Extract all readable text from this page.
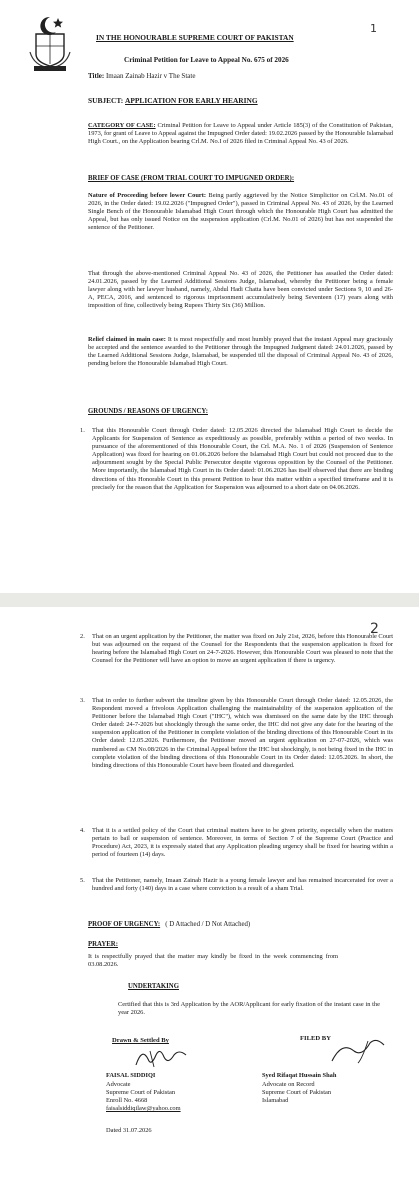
1
IN THE HONOURABLE SUPREME COURT OF PAKISTAN
Criminal Petition for Leave to Appeal No. 675 of 2026
Title: Imaan Zainab Hazir v The State
SUBJECT: APPLICATION FOR EARLY HEARING
CATEGORY OF CASE: Criminal Petition for Leave to Appeal under Article 185(3) of the Constitution of Pakistan, 1973, for grant of Leave to Appeal against the Impugned Order dated: 19.02.2026 passed by the Honourable Islamabad High Court., on the Application bearing Crl.M. No.I of 2026 filed in Criminal Appeal No. 43 of 2026.
BRIEF OF CASE (FROM TRIAL COURT TO IMPUGNED ORDER):
Nature of Proceeding before lower Court: Being partly aggrieved by the Notice Simplicitor on Crl.M. No.01 of 2026, in the Order dated: 19.02.2026 ("Impugned Order"), passed in Criminal Appeal No. 43 of 2026, by the Learned Single Bench of the Honourable Islamabad High Court through which the Honourable High Court has admitted the Appeal, but has only issued Notice on the suspension application (Crl.M. No.01 of 2026) but has not suspended the sentence of the Petitioner.
That through the above-mentioned Criminal Appeal No. 43 of 2026, the Petitioner has assailed the Order dated: 24.01.2026, passed by the Learned Additional Sessions Judge, Islamabad, whereby the Petitioner being a female lawyer along with her lawyer husband, namely, Abdul Hadi Chatta have been convicted under Sections 9, 10 and 26-A, PECA, 2016, and sentenced to rigorous imprisonment accumulatively being Seventeen (17) years along with imposition of fine, collectively being Rupees Thirty Six (36) Million.
Relief claimed in main case: It is most respectfully and most humbly prayed that the instant Appeal may graciously be accepted and the sentence awarded to the Petitioner through the Impugned Judgment dated: 24.01.2026, passed by the Learned Additional Sessions Judge, Islamabad, be suspended till the disposal of Criminal Appeal No. 43 of 2026, pending before the Honourable Islamabad High Court.
GROUNDS / REASONS OF URGENCY:
1. That this Honourable Court through Order dated: 12.05.2026 directed the Islamabad High Court to decide the Applicants for Suspension of Sentence as expeditiously as possible, preferably within a period of two weeks. In pursuance of the aforementioned of this Honourable Court, the Crl. M.A. No. 1 of 2026 (Suspension of Sentence Application) was fixed for hearing on 01.06.2026 before the Islamabad High Court but could not proceed due to the adjournment sought by the Special Public Persecutor despite vigorous opposition by the Counsel of the Petitioner. More importantly, the Islamabad High Court in its Order dated: 01.06.2026 has itself observed that there are binding directions of this Honorable Court in this present Petition to hear this matter within a specified timeframe and it is precisely for the reason that the Application for Suspension was adjourned to a short date on 04.06.2026.
2
2. That on an urgent application by the Petitioner, the matter was fixed on July 21st, 2026, before this Honourable Court but was adjourned on the request of the Counsel for the Respondents that the suspension application is fixed for hearing before the Islamabad High Court on 24-7-2026. However, this Honourable Court was pleased to note that the Counsel for the Petitioner will have an option to move an urgent application if there is urgency.
3. That in order to further subvert the timeline given by this Honourable Court through Order dated: 12.05.2026, the Respondent moved a frivolous Application challenging the maintainability of the suspension application of the Petitioner before the Islamabad High Court ("IHC"), which was dismissed on the same date by the IHC through Order dated: 24-7-2026 but shockingly through the same order, the IHC did not give any date for the hearing of the suspension application of the Petitioner in complete violation of the binding directions of this Honourable Court in its Order dated: 12.05.2026. Furthermore, the Petitioner moved an urgent application on 27-07-2026, which was numbered as CM No.08/2026 in the Criminal Appeal before the IHC but shockingly, is not being fixed in the IHC in complete violation of the binding directions of this Honourable Court in its Order dated: 12.05.2026. In short, the binding directions of this Honourable Court have been floated and disregarded.
4. That it is a settled policy of the Court that criminal matters have to be given priority, especially when the matters pertain to bail or suspension of sentence. Moreover, in terms of Section 7 of the Supreme Court (Practice and Procedure) Act, 2023, it is expressly stated that any Application pleading urgency shall be fixed for hearing within a period of fourteen (14) days.
5. That the Petitioner, namely, Imaan Zainab Hazir is a young female lawyer and has remained incarcerated for over a hundred and forty (140) days in a case where conviction is a result of a sham Trial.
PROOF OF URGENCY: ( D Attached / D Not Attached)
PRAYER:
It is respectfully prayed that the matter may kindly be fixed in the week commencing from 03.08.2026.
UNDERTAKING
Certified that this is 3rd Application by the AOR/Applicant for early fixation of the instant case in the year 2026.
Drawn & Settled By	FILED BY
FAISAL SIDDIQI
Advocate
Supreme Court of Pakistan
Enroll No. 4668
faisalsiddiqilaw@yahoo.com
Syed Rifaqat Hussain Shah
Advocate on Record
Supreme Court of Pakistan
Islamabad
Dated 31.07.2026
